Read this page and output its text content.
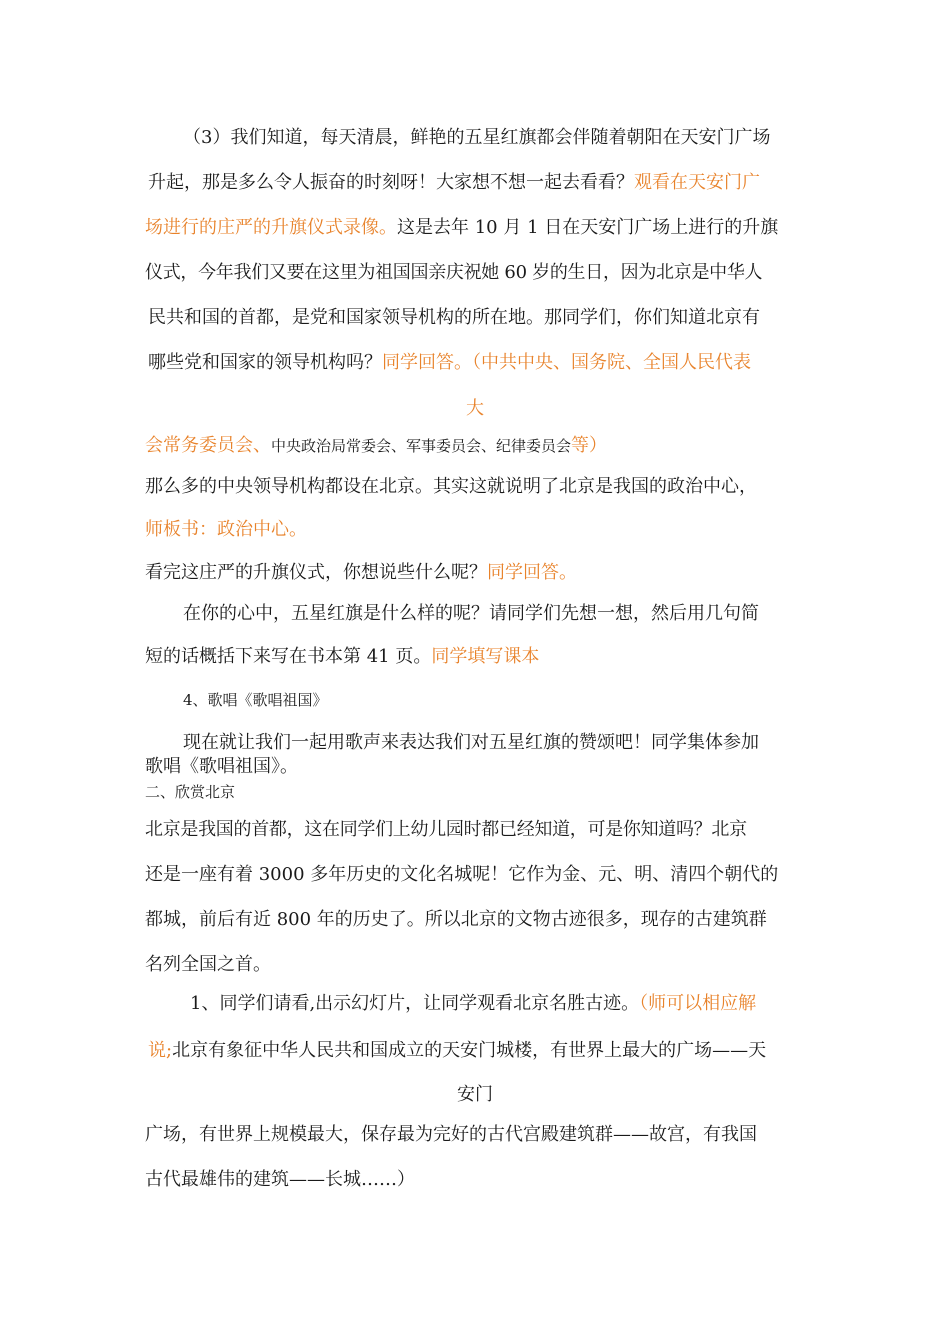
（3）我们知道，每天清晨，鲜艳的五星红旗都会伴随着朝阳在天安门广场
升起，那是多么令人振奋的时刻呀！大家想不想一起去看看？观看在天安门广
场进行的庄严的升旗仪式录像。这是去年 10 月 1 日在天安门广场上进行的升旗
仪式，今年我们又要在这里为祖国国亲庆祝她 60 岁的生日，因为北京是中华人
民共和国的首都，是党和国家领导机构的所在地。那同学们，你们知道北京有
哪些党和国家的领导机构吗？同学回答。（中共中央、国务院、全国人民代表
大
会常务委员会、中央政治局常委会、军事委员会、纪律委员会等）
那么多的中央领导机构都设在北京。其实这就说明了北京是我国的政治中心，
师板书：政治中心。
看完这庄严的升旗仪式，你想说些什么呢？同学回答。
在你的心中，五星红旗是什么样的呢？请同学们先想一想，然后用几句简
短的话概括下来写在书本第 41 页。同学填写课本
4、歌唱《歌唱祖国》
现在就让我们一起用歌声来表达我们对五星红旗的赞颂吧！同学集体参加
歌唱《歌唱祖国》。
二、欣赏北京
北京是我国的首都，这在同学们上幼儿园时都已经知道，可是你知道吗？北京
还是一座有着 3000 多年历史的文化名城呢！它作为金、元、明、清四个朝代的
都城，前后有近 800 年的历史了。所以北京的文物古迹很多，现存的古建筑群
名列全国之首。
1、同学们请看,出示幻灯片，让同学观看北京名胜古迹。（师可以相应解
说;北京有象征中华人民共和国成立的天安门城楼，有世界上最大的广场——天
安门
广场，有世界上规模最大，保存最为完好的古代宫殿建筑群——故宫，有我国
古代最雄伟的建筑——长城……）
